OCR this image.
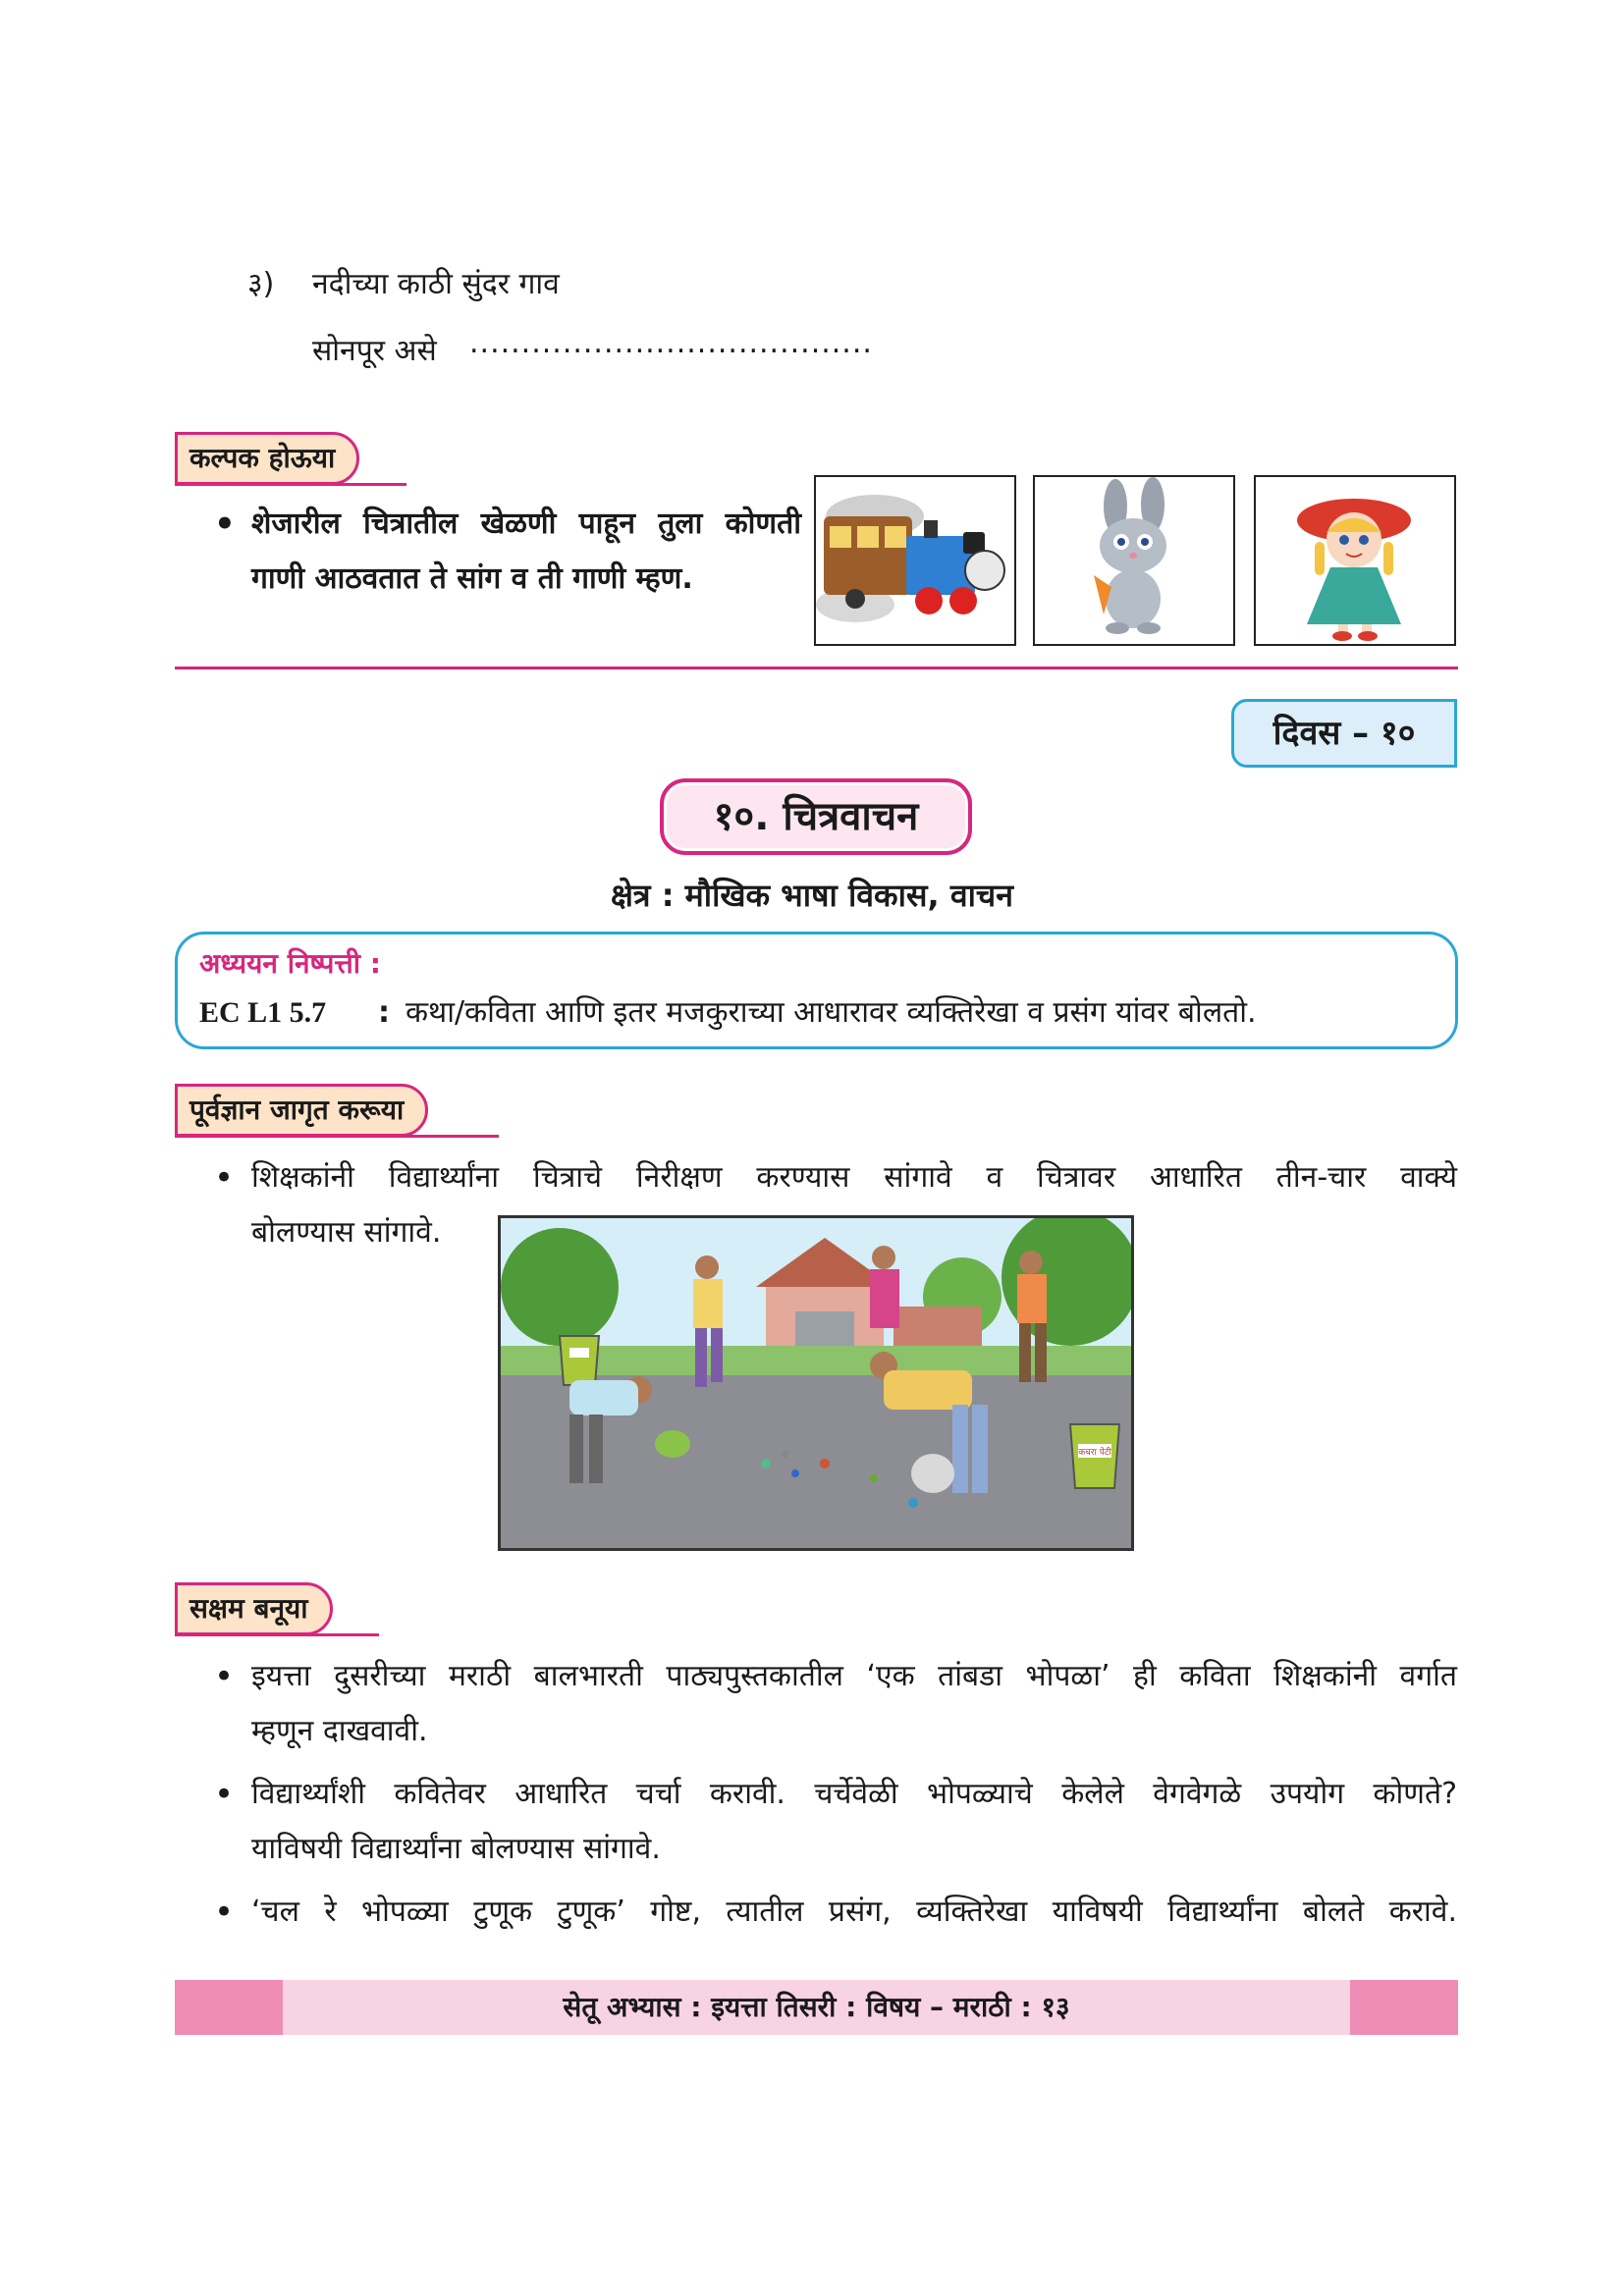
३) नदीच्या काठी सुंदर गाव
सोनपूर असे .......................................
कल्पक होऊया
• शेजारील चित्रातील खेळणी पाहून तुला कोणती गाणी आठवतात ते सांग व ती गाणी म्हण.
दिवस – १०
१०. चित्रवाचन
क्षेत्र : मौखिक भाषा विकास, वाचन
अध्ययन निष्पत्ती :
EC L1 5.7 : कथा/कविता आणि इतर मजकुराच्या आधारावर व्यक्तिरेखा व प्रसंग यांवर बोलतो.
पूर्वज्ञान जागृत करूया
• शिक्षकांनी विद्यार्थ्यांना चित्राचे निरीक्षण करण्यास सांगावे व चित्रावर आधारित तीन-चार वाक्ये
बोलण्यास सांगावे.
कचरा पेटी
सक्षम बनूया
• इयत्ता दुसरीच्या मराठी बालभारती पाठ्यपुस्तकातील ‘एक तांबडा भोपळा’ ही कविता शिक्षकांनी वर्गात
म्हणून दाखवावी.
• विद्यार्थ्यांशी कवितेवर आधारित चर्चा करावी. चर्चेवेळी भोपळ्याचे केलेले वेगवेगळे उपयोग कोणते?
याविषयी विद्यार्थ्यांना बोलण्यास सांगावे.
• ‘चल रे भोपळ्या टुणूक टुणूक’ गोष्ट, त्यातील प्रसंग, व्यक्तिरेखा याविषयी विद्यार्थ्यांना बोलते करावे.
सेतू अभ्यास : इयत्ता तिसरी : विषय – मराठी : १३
